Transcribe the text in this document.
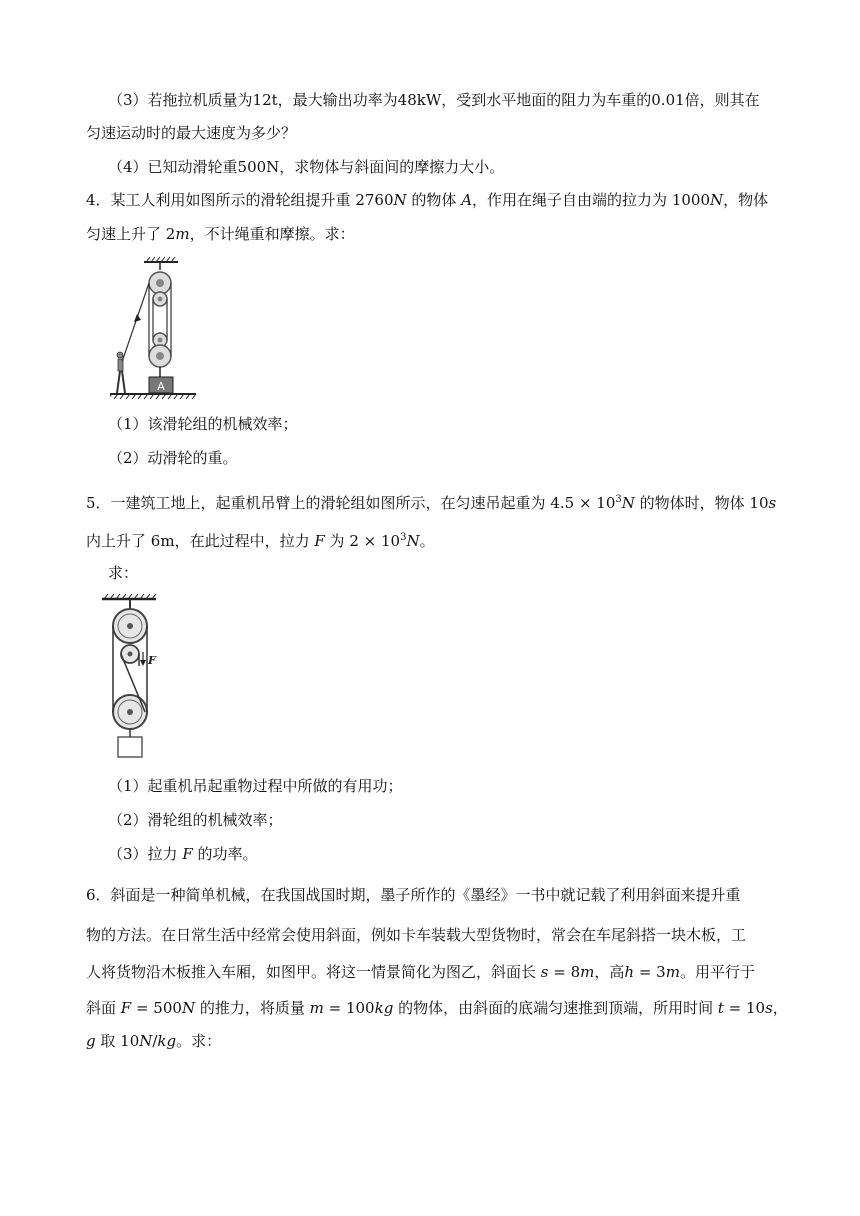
（3）若拖拉机质量为12t，最大输出功率为48kW，受到水平地面的阻力为车重的0.01倍，则其在
匀速运动时的最大速度为多少？
（4）已知动滑轮重500N，求物体与斜面间的摩擦力大小。
4．某工人利用如图所示的滑轮组提升重 2760N 的物体 A，作用在绳子自由端的拉力为 1000N，物体
匀速上升了 2m，不计绳重和摩擦。求：
A
（1）该滑轮组的机械效率；
（2）动滑轮的重。
5．一建筑工地上，起重机吊臂上的滑轮组如图所示，在匀速吊起重为 $4.5 \times 10^3N$ 的物体时，物体 10s
内上升了 6m，在此过程中，拉力 F 为 $2 \times 10^3N$。
求：
F
（1）起重机吊起重物过程中所做的有用功；
（2）滑轮组的机械效率；
（3）拉力 F 的功率。
6．斜面是一种简单机械，在我国战国时期，墨子所作的《墨经》一书中就记载了利用斜面来提升重
物的方法。在日常生活中经常会使用斜面，例如卡车装载大型货物时，常会在车尾斜搭一块木板，工
人将货物沿木板推入车厢，如图甲。将这一情景简化为图乙，斜面长 s = 8m，高h = 3m。用平行于
斜面 F = 500N 的推力，将质量 m = 100kg 的物体，由斜面的底端匀速推到顶端，所用时间 t = 10s，
g 取 10N/kg。求：
